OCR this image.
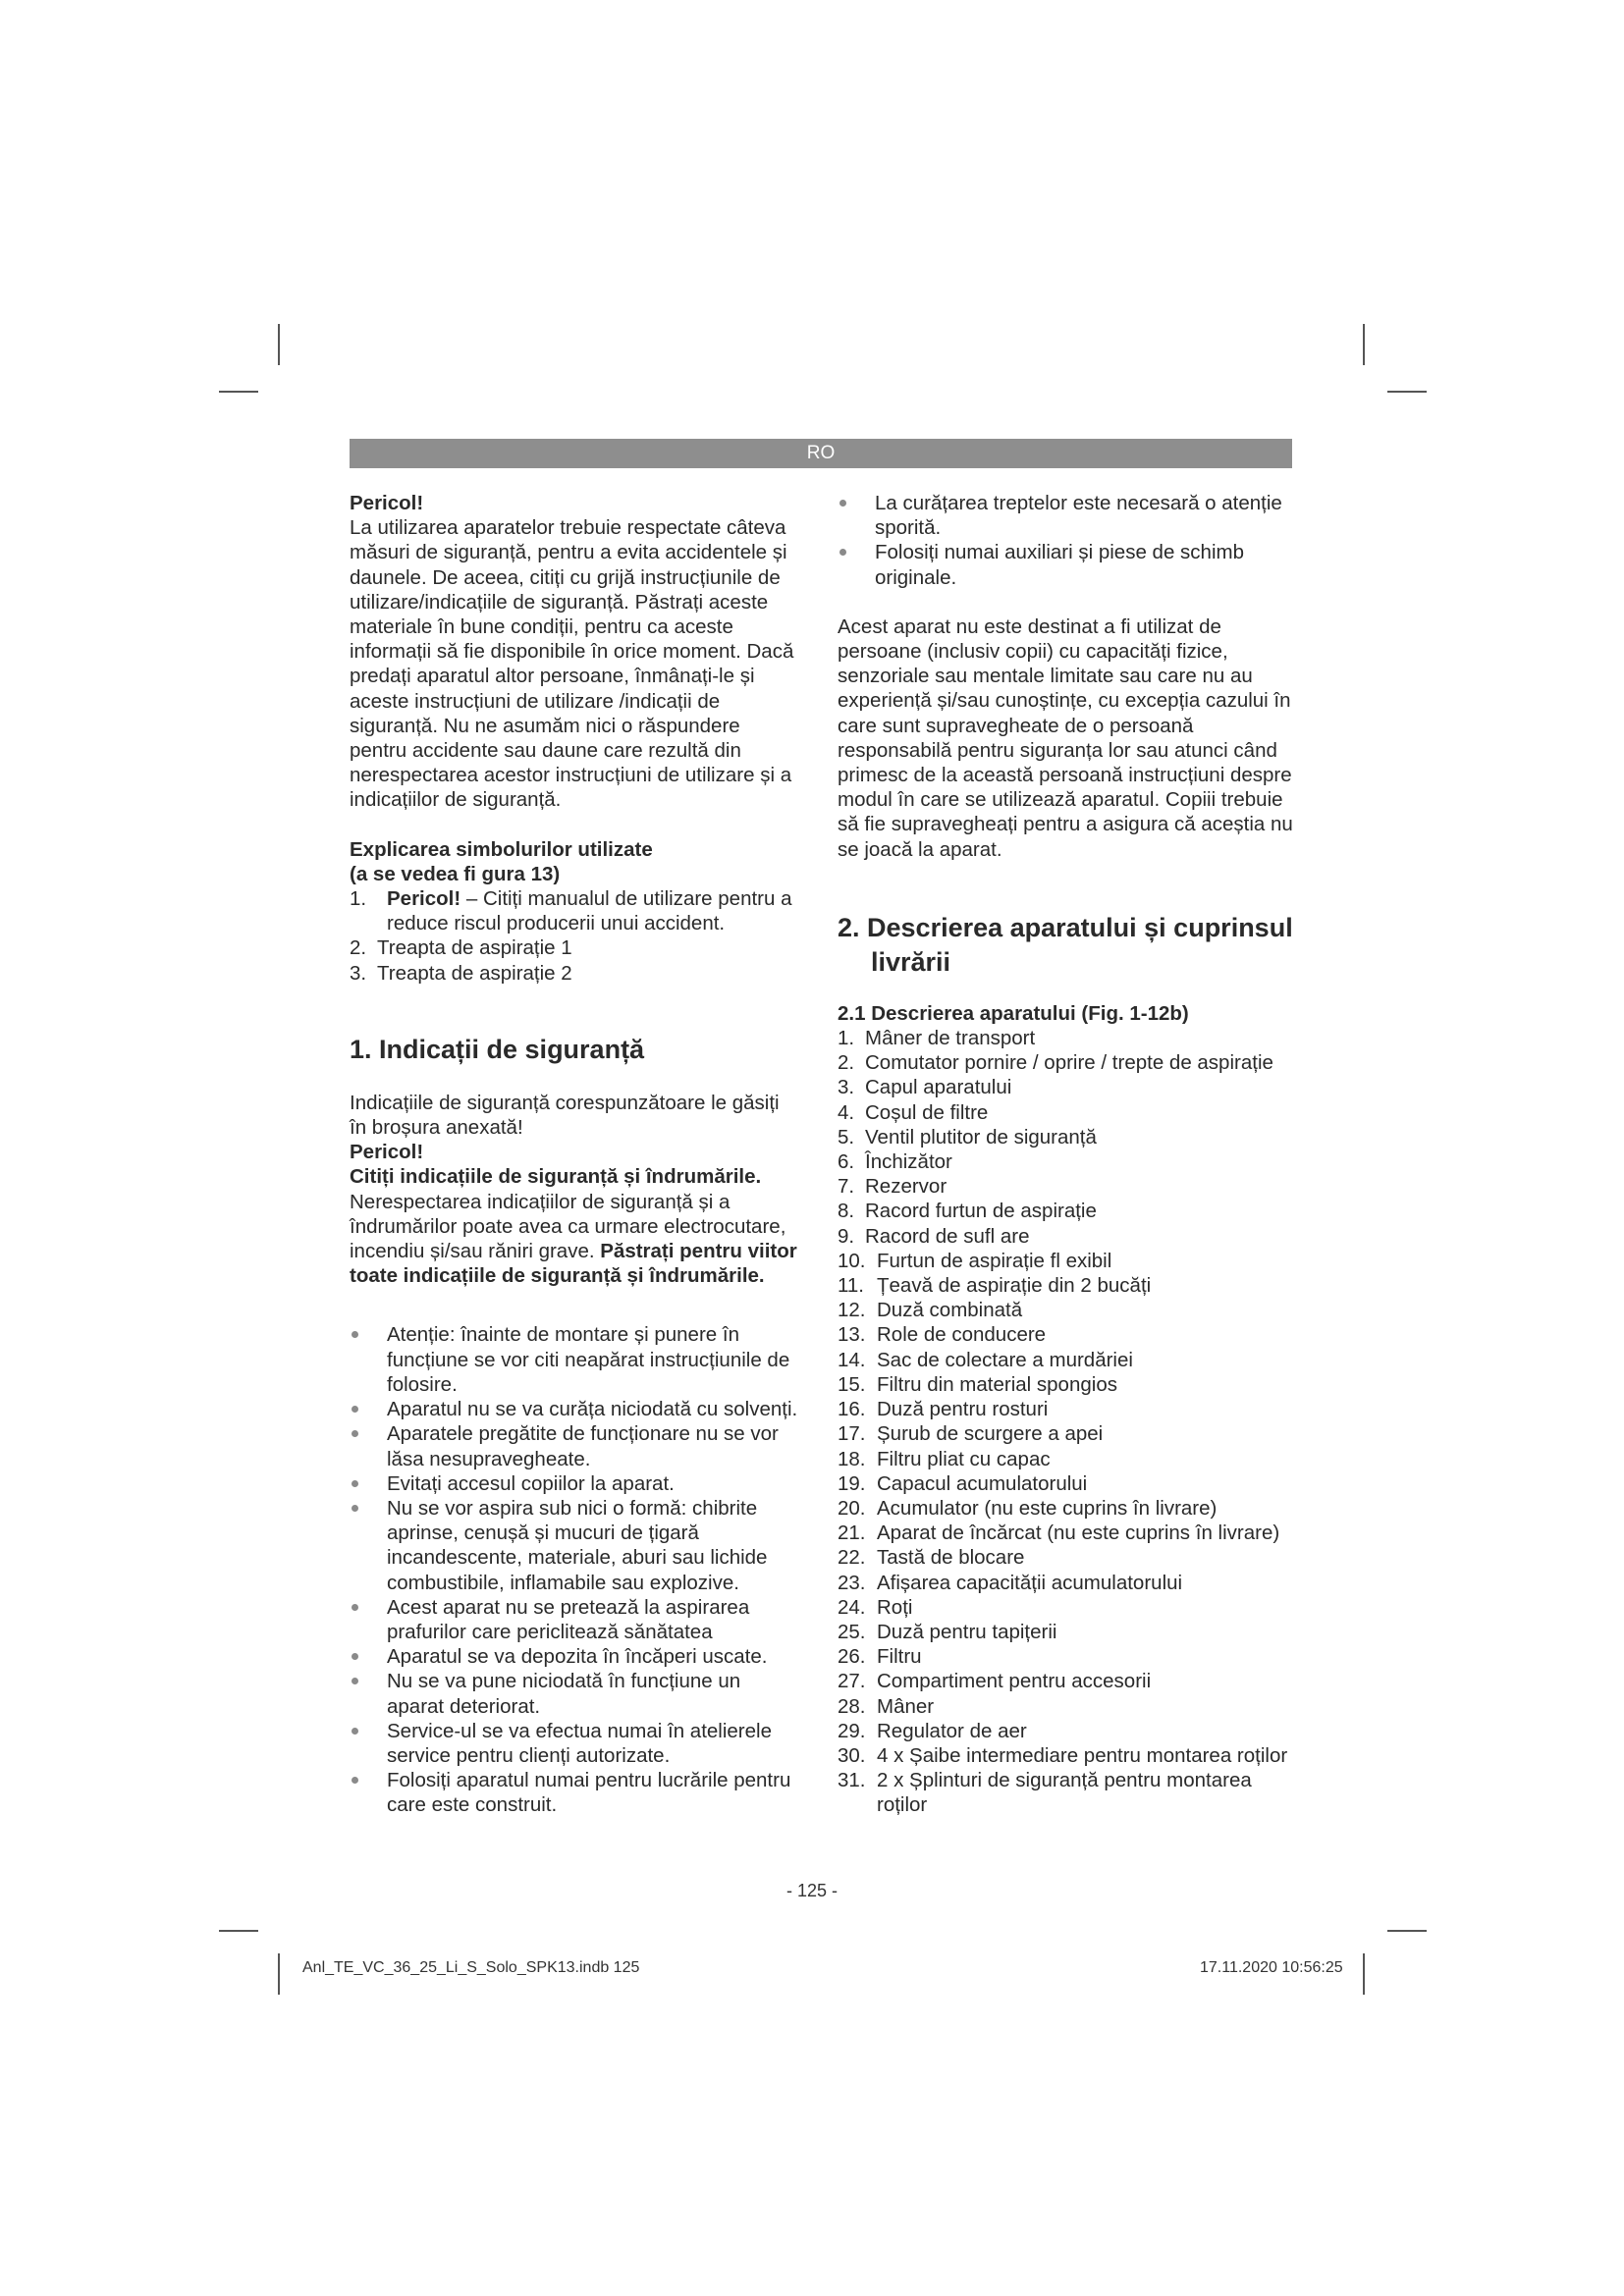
RO

Pericol!

La utilizarea aparatelor trebuie respectate câteva măsuri de siguranță, pentru a evita accidentele și daunele. De aceea, citiți cu grijă instrucțiunile de utilizare/indicațiile de siguranță. Păstrați aceste materiale în bune condiții, pentru ca aceste informații să fie disponibile în orice moment. Dacă predați aparatul altor persoane, înmânați-le și aceste instrucțiuni de utilizare /indicații de siguranță. Nu ne asumăm nici o răspundere pentru accidente sau daune care rezultă din nerespectarea acestor instrucțiuni de utilizare și a indicațiilor de siguranță.

Explicarea simbolurilor utilizate

(a se vedea fi gura 13)

1. Pericol! – Citiți manualul de utilizare pentru a reduce riscul producerii unui accident.
2. Treapta de aspirație 1
3. Treapta de aspirație 2
1. Indicații de siguranță

Indicațiile de siguranță corespunzătoare le găsiți în broșura anexată!

Pericol!

Citiți indicațiile de siguranță și îndrumările.

Nerespectarea indicațiilor de siguranță și a îndrumărilor poate avea ca urmare electrocutare, incendiu și/sau răniri grave. Păstrați pentru viitor toate indicațiile de siguranță și îndrumările.

Atenție: înainte de montare și punere în funcțiune se vor citi neapărat instrucțiunile de folosire.
Aparatul nu se va curăța niciodată cu solvenți.
Aparatele pregătite de funcționare nu se vor lăsa nesupravegheate.
Evitați accesul copiilor la aparat.
Nu se vor aspira sub nici o formă: chibrite aprinse, cenușă și mucuri de țigară incandescente, materiale, aburi sau lichide combustibile, inflamabile sau explozive.
Acest aparat nu se pretează la aspirarea prafurilor care periclitează sănătatea
Aparatul se va depozita în încăperi uscate.
Nu se va pune niciodată în funcțiune un aparat deteriorat.
Service-ul se va efectua numai în atelierele service pentru clienți autorizate.
Folosiți aparatul numai pentru lucrările pentru care este construit.
La curățarea treptelor este necesară o atenție sporită.
Folosiți numai auxiliari și piese de schimb originale.

Acest aparat nu este destinat a fi utilizat de persoane (inclusiv copii) cu capacități fizice, senzoriale sau mentale limitate sau care nu au experiență și/sau cunoștințe, cu excepția cazului în care sunt supravegheate de o persoană responsabilă pentru siguranța lor sau atunci când primesc de la această persoană instrucțiuni despre modul în care se utilizează aparatul. Copiii trebuie să fie supravegheați pentru a asigura că aceștia nu se joacă la aparat.

2. Descrierea aparatului și cuprinsul
livrării

2.1 Descrierea aparatului (Fig. 1-12b)

1. Mâner de transport
2. Comutator pornire / oprire / trepte de aspirație
3. Capul aparatului
4. Coșul de filtre
5. Ventil plutitor de siguranță
6. Închizător
7. Rezervor
8. Racord furtun de aspirație
9. Racord de sufl are
10. Furtun de aspirație fl exibil
11. Țeavă de aspirație din 2 bucăți
12. Duză combinată
13. Role de conducere
14. Sac de colectare a murdăriei
15. Filtru din material spongios
16. Duză pentru rosturi
17. Șurub de scurgere a apei
18. Filtru pliat cu capac
19. Capacul acumulatorului
20. Acumulator (nu este cuprins în livrare)
21. Aparat de încărcat (nu este cuprins în livrare)
22. Tastă de blocare
23. Afișarea capacității acumulatorului
24. Roți
25. Duză pentru tapițerii
26. Filtru
27. Compartiment pentru accesorii
28. Mâner
29. Regulator de aer
30. 4 x Șaibe intermediare pentru montarea roților
31. 2 x Șplinturi de siguranță pentru montarea roților
- 125 -
Anl_TE_VC_36_25_Li_S_Solo_SPK13.indb 125	17.11.2020 10:56:25
